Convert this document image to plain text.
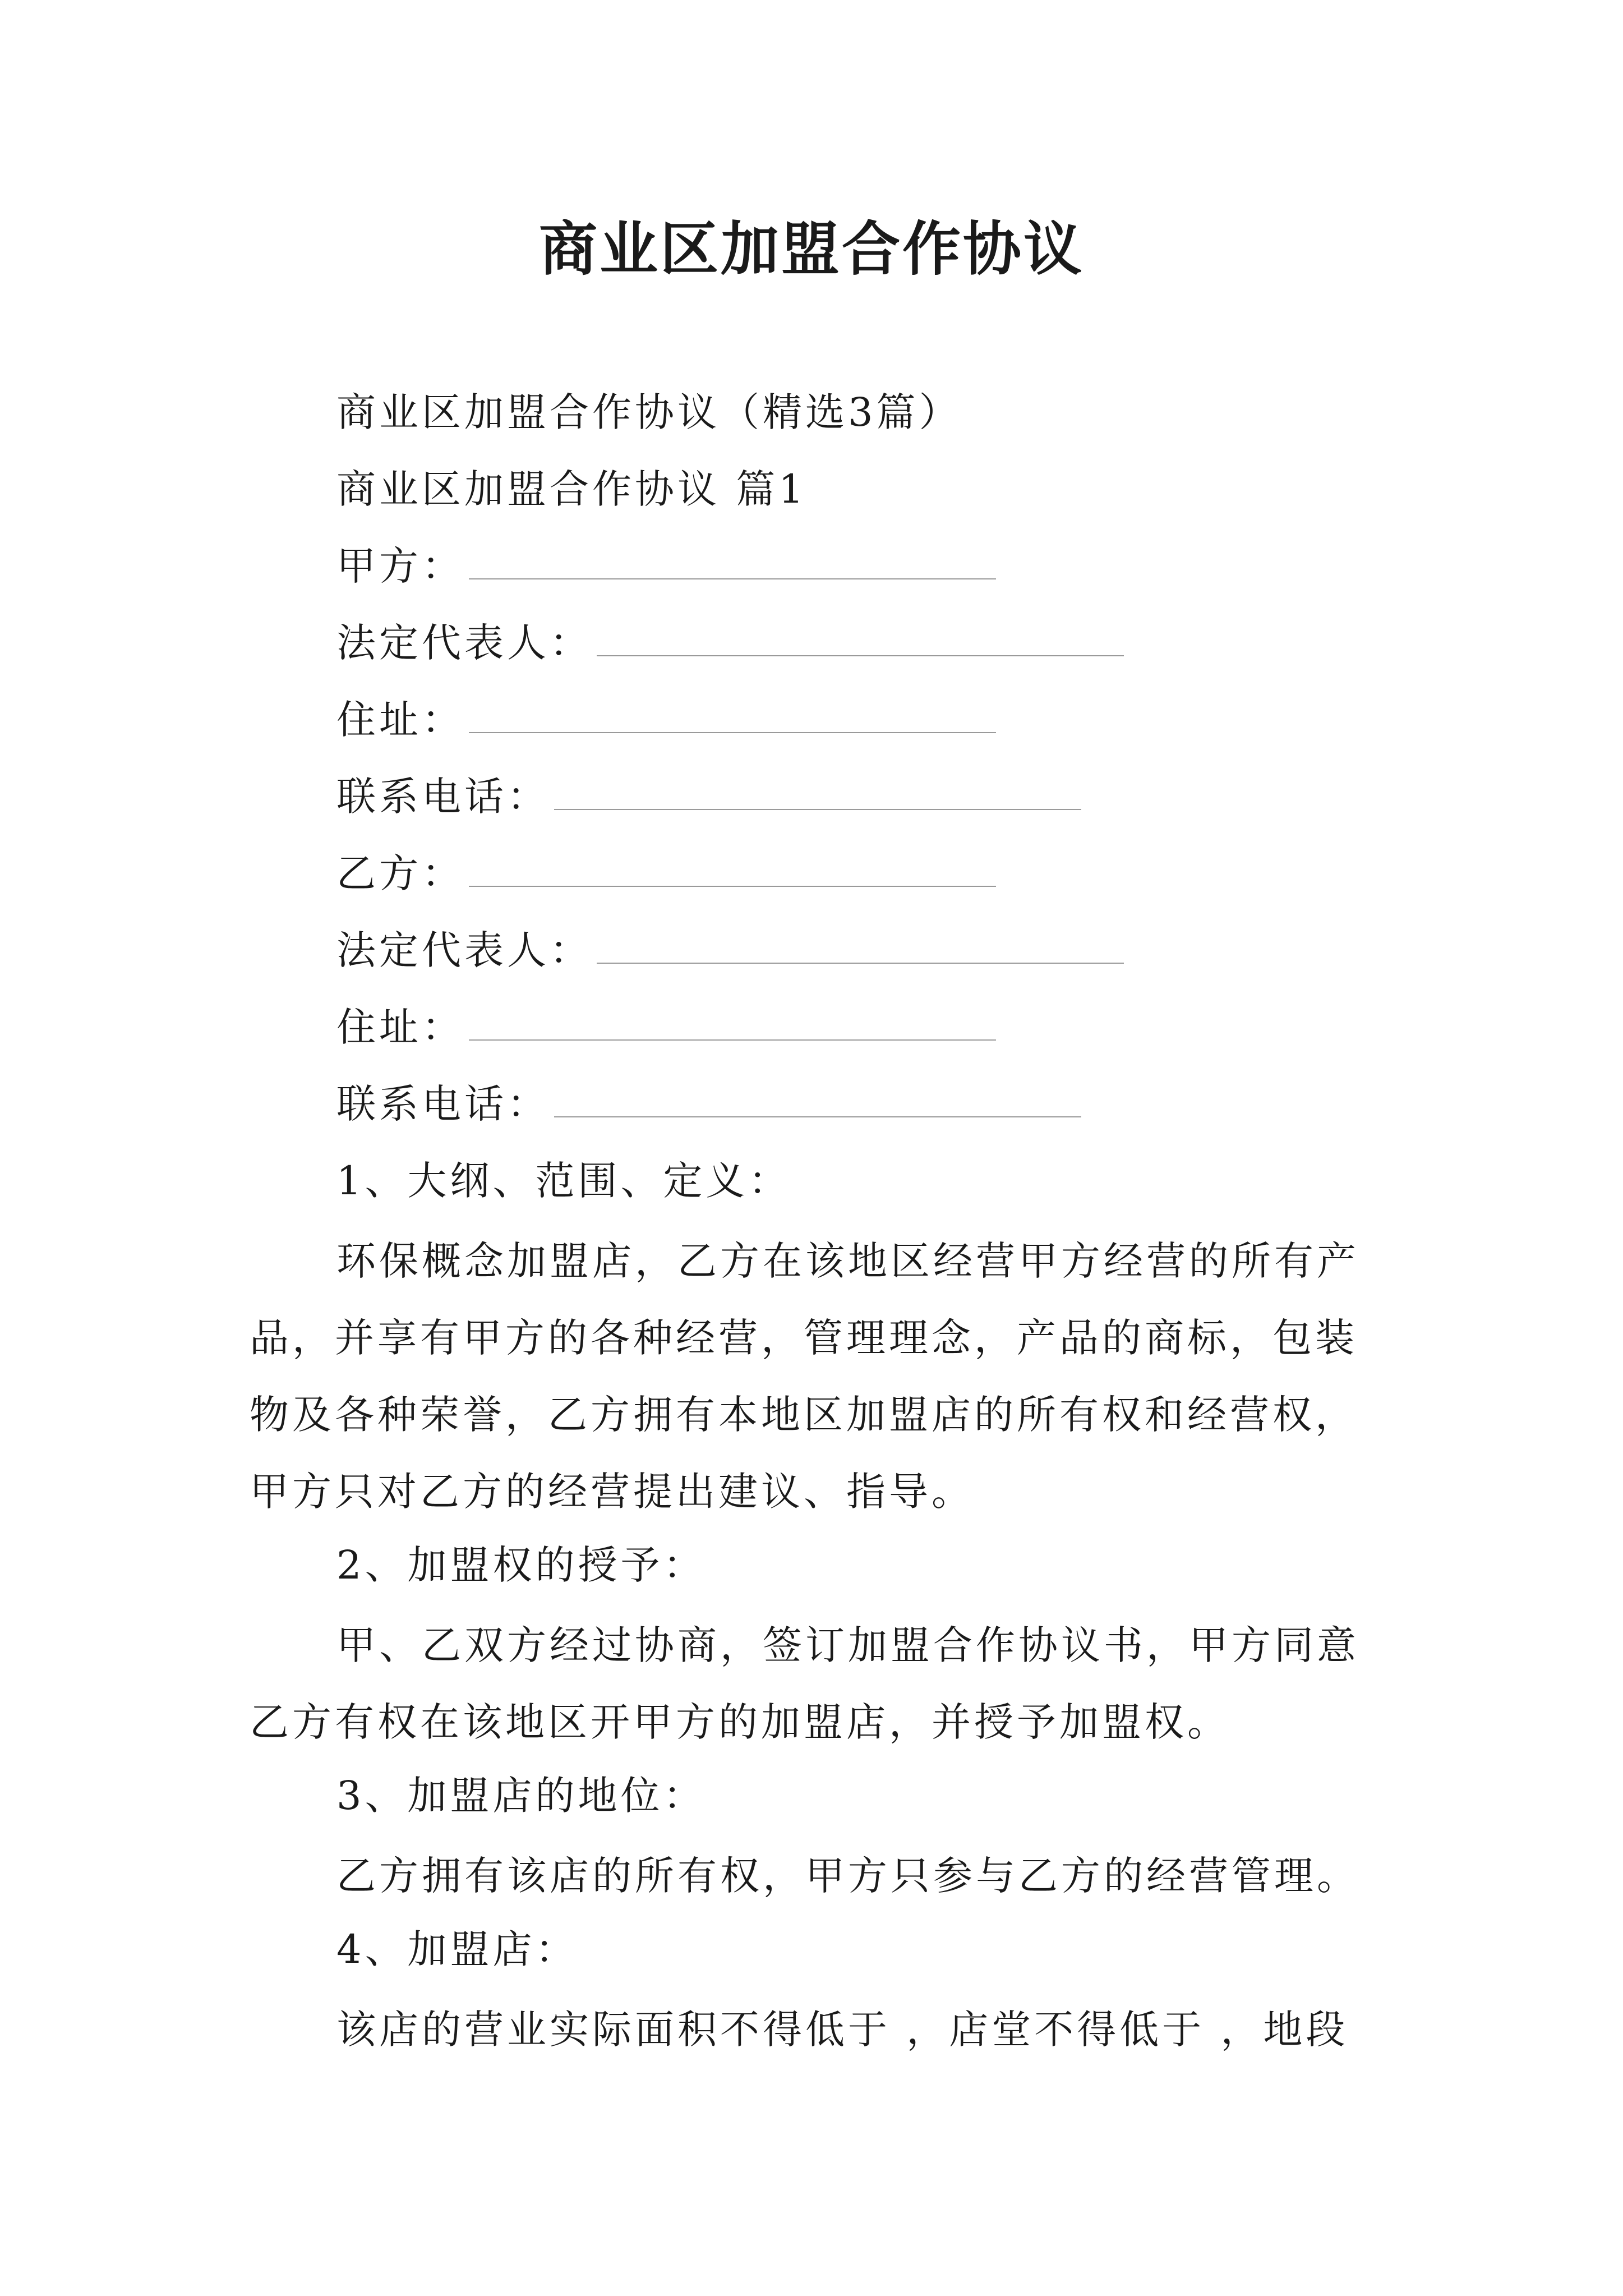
商业区加盟合作协议
商业区加盟合作协议（精选3篇）
商业区加盟合作协议 篇1
甲方：
法定代表人：
住址：
联系电话：
乙方：
法定代表人：
住址：
联系电话：
1、大纲、范围、定义：

环保概念加盟店，乙方在该地区经营甲方经营的所有产品，并享有甲方的各种经营，管理理念，产品的商标，包装物及各种荣誉，乙方拥有本地区加盟店的所有权和经营权，甲方只对乙方的经营提出建议、指导。

2、加盟权的授予：

甲、乙双方经过协商，签订加盟合作协议书，甲方同意乙方有权在该地区开甲方的加盟店，并授予加盟权。

3、加盟店的地位：

乙方拥有该店的所有权，甲方只参与乙方的经营管理。

4、加盟店：

该店的营业实际面积不得低于 ，店堂不得低于 ，地段
